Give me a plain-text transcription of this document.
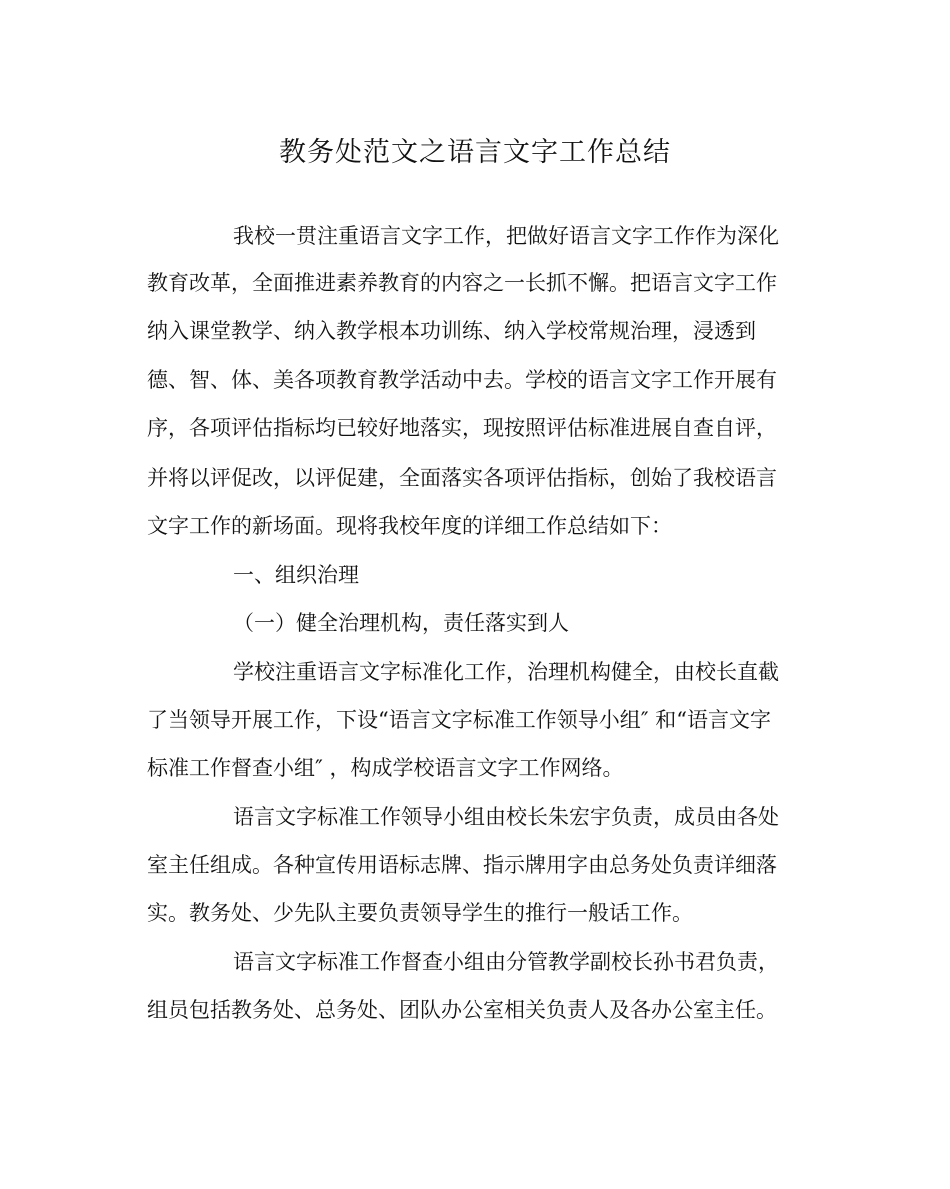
教务处范文之语言文字工作总结
我校一贯注重语言文字工作，把做好语言文字工作作为深化
教育改革，全面推进素养教育的内容之一长抓不懈。把语言文字工作
纳入课堂教学、纳入教学根本功训练、纳入学校常规治理，浸透到
德、智、体、美各项教育教学活动中去。学校的语言文字工作开展有
序，各项评估指标均已较好地落实，现按照评估标准进展自查自评，
并将以评促改，以评促建，全面落实各项评估指标，创始了我校语言
文字工作的新场面。现将我校年度的详细工作总结如下：
一、组织治理
（一）健全治理机构，责任落实到人
学校注重语言文字标准化工作，治理机构健全，由校长直截
了当领导开展工作，下设“语言文字标准工作领导小组″ 和“语言文字
标准工作督查小组″ ，构成学校语言文字工作网络。
语言文字标准工作领导小组由校长朱宏宇负责，成员由各处
室主任组成。各种宣传用语标志牌、指示牌用字由总务处负责详细落
实。教务处、少先队主要负责领导学生的推行一般话工作。
语言文字标准工作督查小组由分管教学副校长孙书君负责，
组员包括教务处、总务处、团队办公室相关负责人及各办公室主任。
